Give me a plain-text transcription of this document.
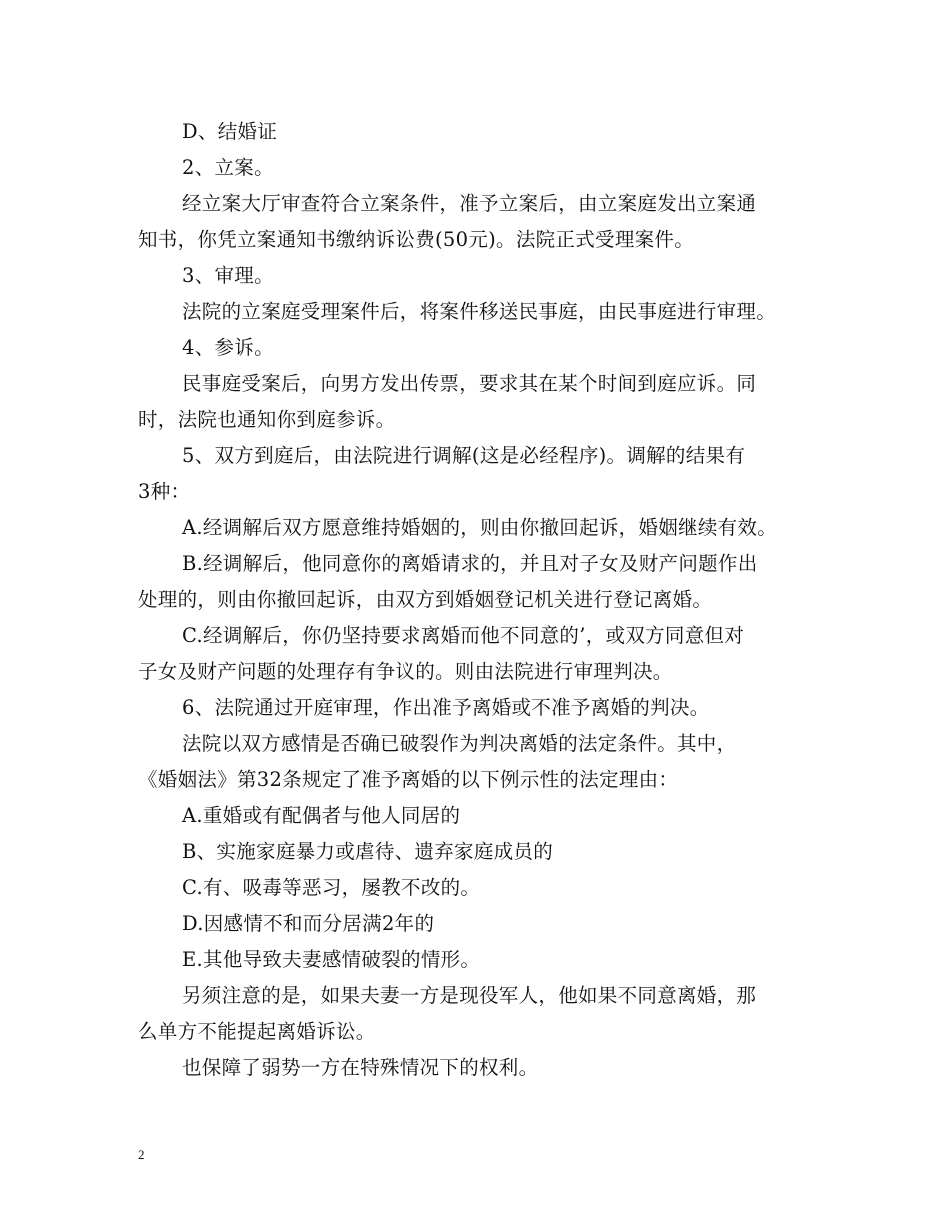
D、结婚证
2、立案。
经立案大厅审查符合立案条件，准予立案后，由立案庭发出立案通
知书，你凭立案通知书缴纳诉讼费(50元)。法院正式受理案件。
3、审理。
法院的立案庭受理案件后，将案件移送民事庭，由民事庭进行审理。
4、参诉。
民事庭受案后，向男方发出传票，要求其在某个时间到庭应诉。同
时，法院也通知你到庭参诉。
5、双方到庭后，由法院进行调解(这是必经程序)。调解的结果有
3种：
A.经调解后双方愿意维持婚姻的，则由你撤回起诉，婚姻继续有效。
B.经调解后，他同意你的离婚请求的，并且对子女及财产问题作出
处理的，则由你撤回起诉，由双方到婚姻登记机关进行登记离婚。
C.经调解后，你仍坚持要求离婚而他不同意的’，或双方同意但对
子女及财产问题的处理存有争议的。则由法院进行审理判决。
6、法院通过开庭审理，作出准予离婚或不准予离婚的判决。
法院以双方感情是否确已破裂作为判决离婚的法定条件。其中，
《婚姻法》第32条规定了准予离婚的以下例示性的法定理由：
A.重婚或有配偶者与他人同居的
B、实施家庭暴力或虐待、遗弃家庭成员的
C.有、吸毒等恶习，屡教不改的。
D.因感情不和而分居满2年的
E.其他导致夫妻感情破裂的情形。
另须注意的是，如果夫妻一方是现役军人，他如果不同意离婚，那
么单方不能提起离婚诉讼。
也保障了弱势一方在特殊情况下的权利。
2
